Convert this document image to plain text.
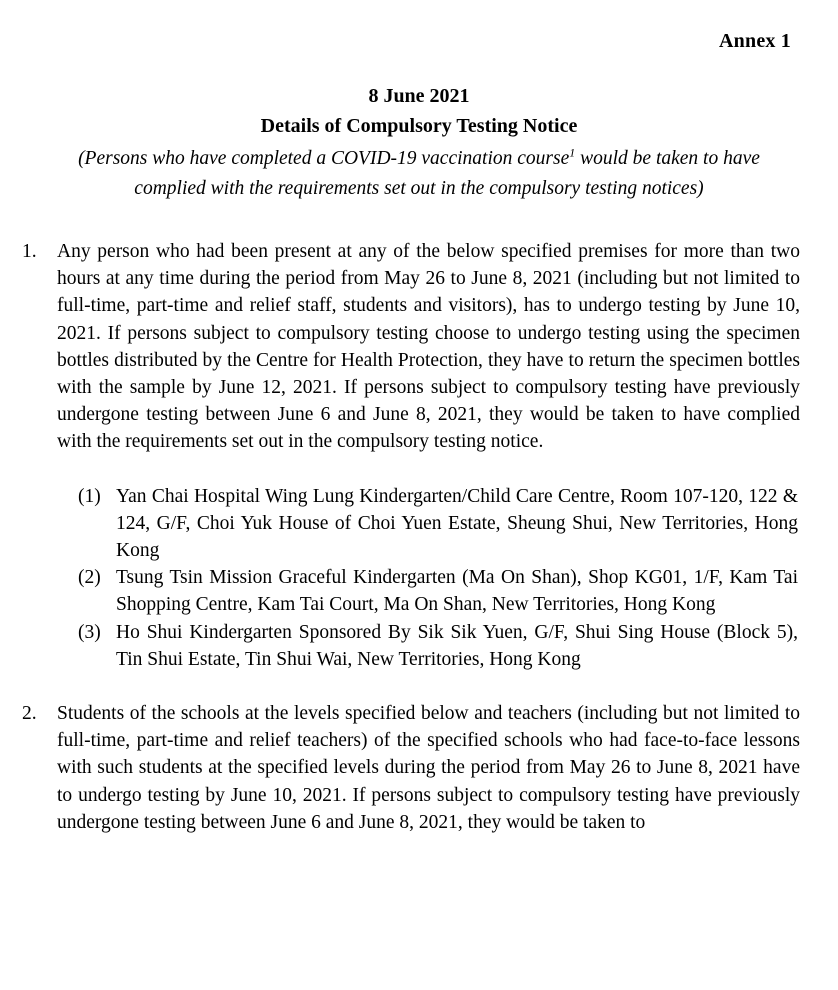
Annex 1
8 June 2021
Details of Compulsory Testing Notice
(Persons who have completed a COVID-19 vaccination course$^1$ would be taken to have complied with the requirements set out in the compulsory testing notices)
1.	Any person who had been present at any of the below specified premises for more than two hours at any time during the period from May 26 to June 8, 2021 (including but not limited to full-time, part-time and relief staff, students and visitors), has to undergo testing by June 10, 2021. If persons subject to compulsory testing choose to undergo testing using the specimen bottles distributed by the Centre for Health Protection, they have to return the specimen bottles with the sample by June 12, 2021. If persons subject to compulsory testing have previously undergone testing between June 6 and June 8, 2021, they would be taken to have complied with the requirements set out in the compulsory testing notice.

(1) Yan Chai Hospital Wing Lung Kindergarten/Child Care Centre, Room 107-120, 122 & 124, G/F, Choi Yuk House of Choi Yuen Estate, Sheung Shui, New Territories, Hong Kong
(2) Tsung Tsin Mission Graceful Kindergarten (Ma On Shan), Shop KG01, 1/F, Kam Tai Shopping Centre, Kam Tai Court, Ma On Shan, New Territories, Hong Kong
(3) Ho Shui Kindergarten Sponsored By Sik Sik Yuen, G/F, Shui Sing House (Block 5), Tin Shui Estate, Tin Shui Wai, New Territories, Hong Kong
2.	Students of the schools at the levels specified below and teachers (including but not limited to full-time, part-time and relief teachers) of the specified schools who had face-to-face lessons with such students at the specified levels during the period from May 26 to June 8, 2021 have to undergo testing by June 10, 2021. If persons subject to compulsory testing have previously undergone testing between June 6 and June 8, 2021, they would be taken to
